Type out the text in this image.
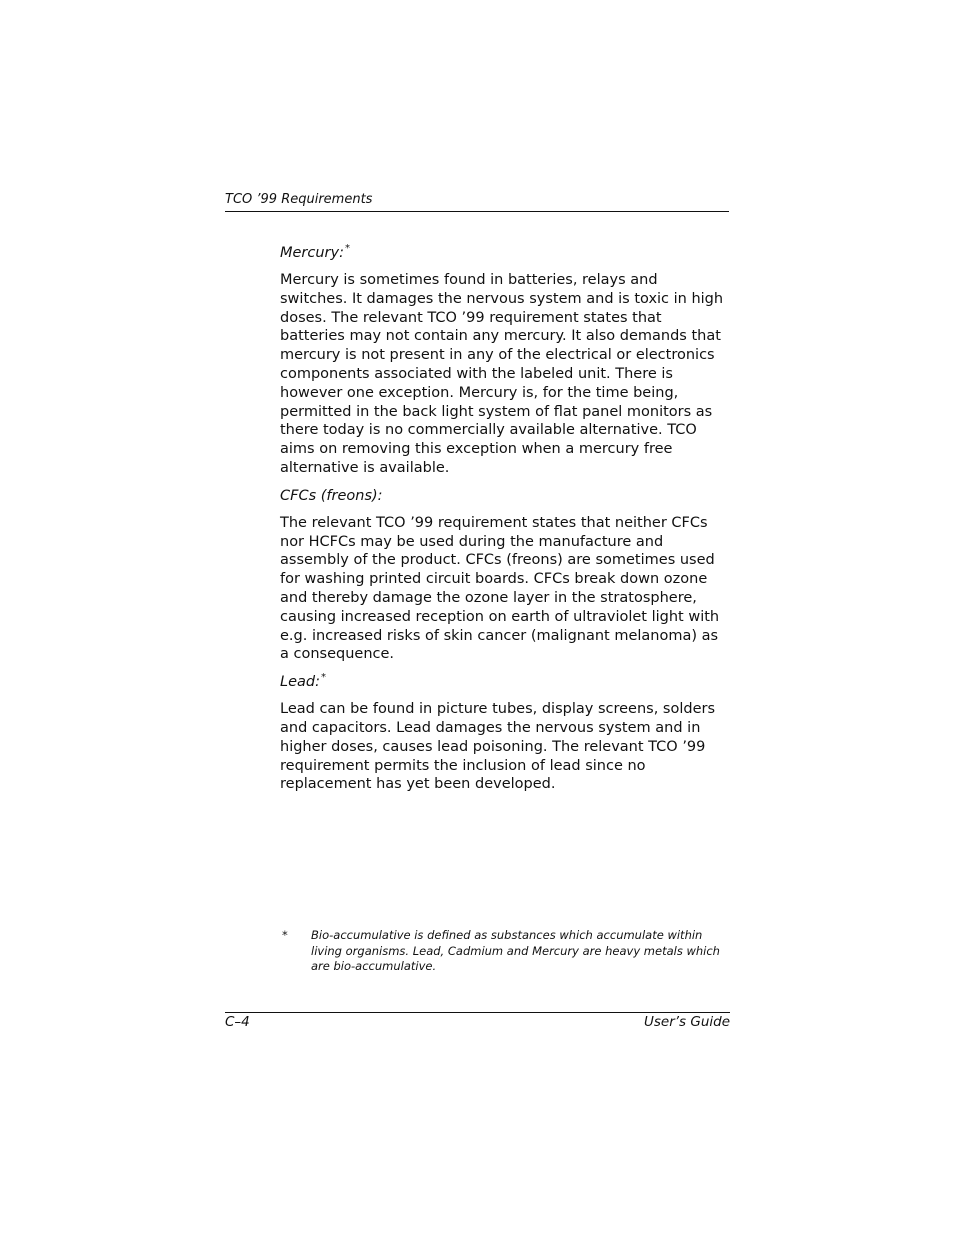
TCO ’99 Requirements

Mercury:*

Mercury is sometimes found in batteries, relays and switches. It damages the nervous system and is toxic in high doses. The relevant TCO ’99 requirement states that batteries may not contain any mercury. It also demands that mercury is not present in any of the electrical or electronics components associated with the labeled unit. There is however one exception. Mercury is, for the time being, permitted in the back light system of flat panel monitors as there today is no commercially available alternative. TCO aims on removing this exception when a mercury free alternative is available.

CFCs (freons):

The relevant TCO ’99 requirement states that neither CFCs nor HCFCs may be used during the manufacture and assembly of the product. CFCs (freons) are sometimes used for washing printed circuit boards. CFCs break down ozone and thereby damage the ozone layer in the stratosphere, causing increased reception on earth of ultraviolet light with e.g. increased risks of skin cancer (malignant melanoma) as a consequence.

Lead:*

Lead can be found in picture tubes, display screens, solders and capacitors. Lead damages the nervous system and in higher doses, causes lead poisoning. The relevant TCO ’99 requirement permits the inclusion of lead since no replacement has yet been developed.

* Bio-accumulative is defined as substances which accumulate within living organisms. Lead, Cadmium and Mercury are heavy metals which are bio-accumulative.
C–4	User’s Guide
